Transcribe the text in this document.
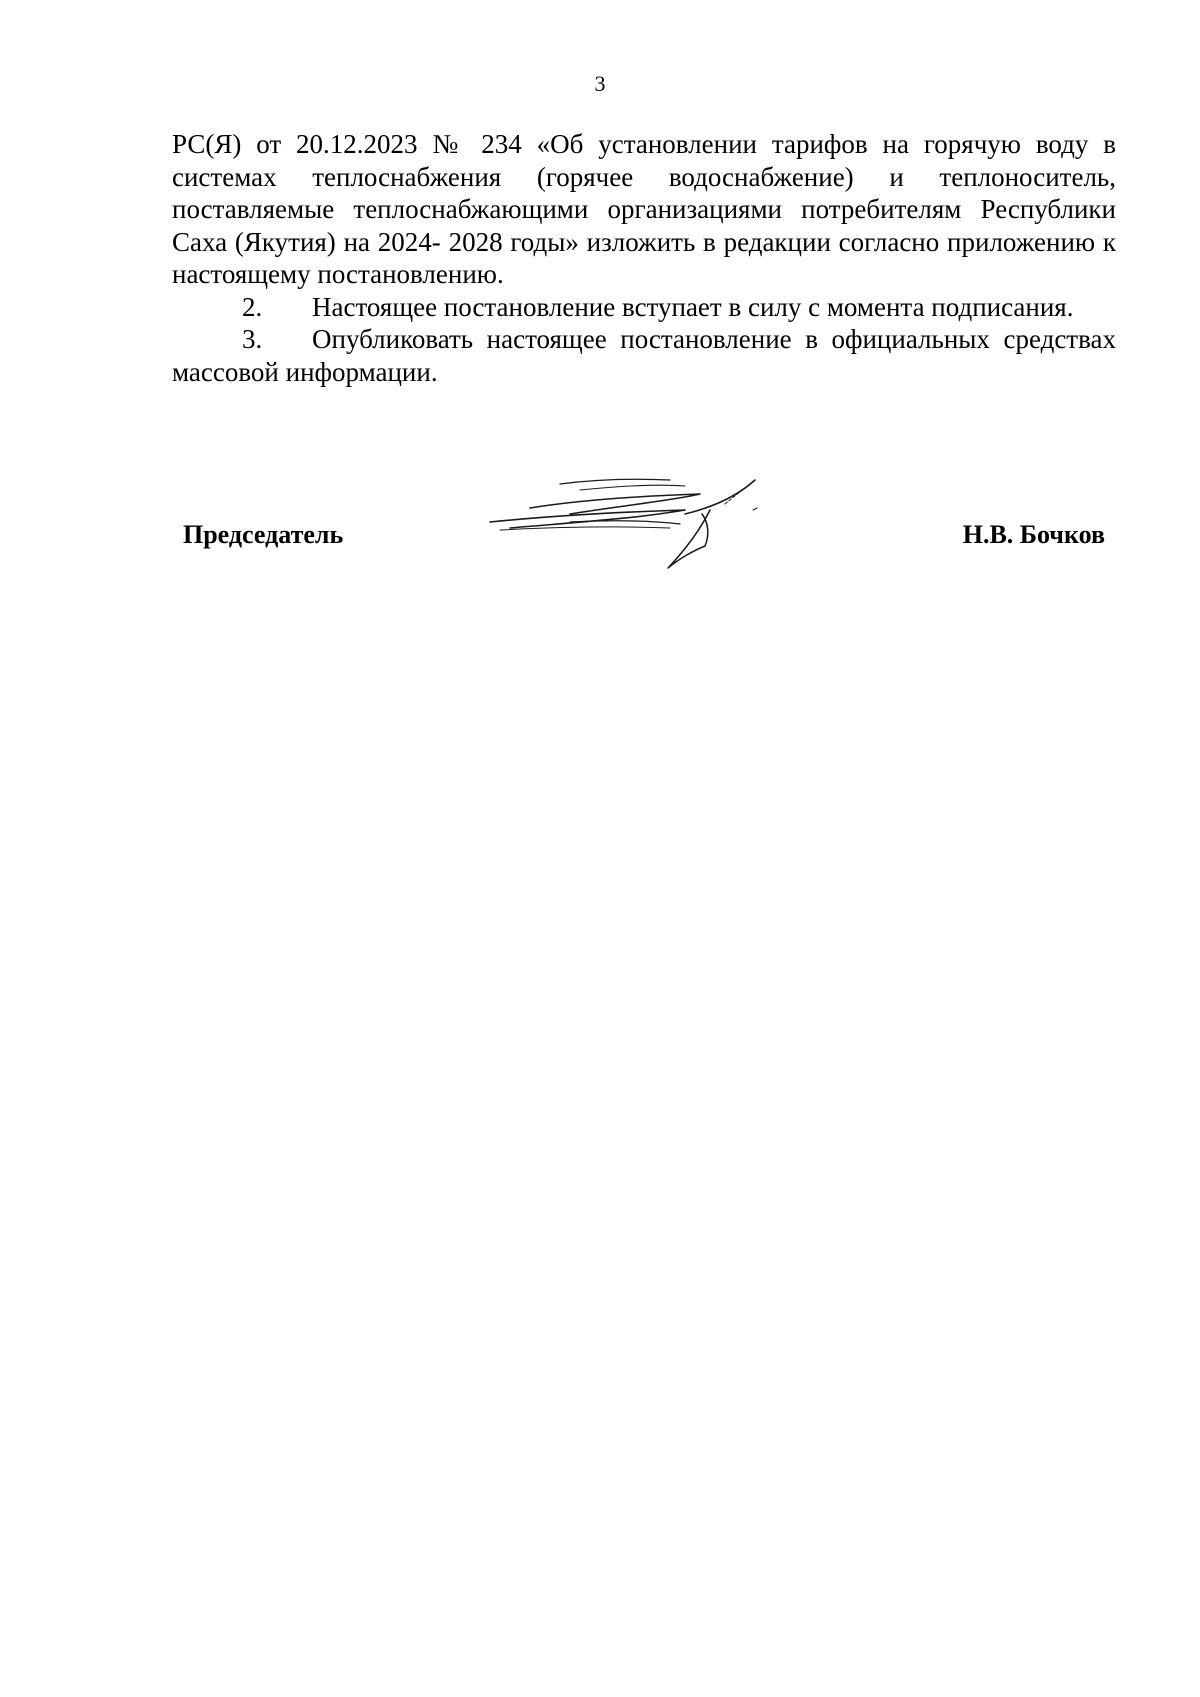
3

РС(Я) от 20.12.2023 № 234 «Об установлении тарифов на горячую воду в системах теплоснабжения (горячее водоснабжение) и теплоноситель, поставляемые теплоснабжающими организациями потребителям Республики Саха (Якутия) на 2024- 2028 годы» изложить в редакции согласно приложению к настоящему постановлению.

2. Настоящее постановление вступает в силу с момента подписания.

3. Опубликовать настоящее постановление в официальных средствах массовой информации.

Председатель	Н.В. Бочков
